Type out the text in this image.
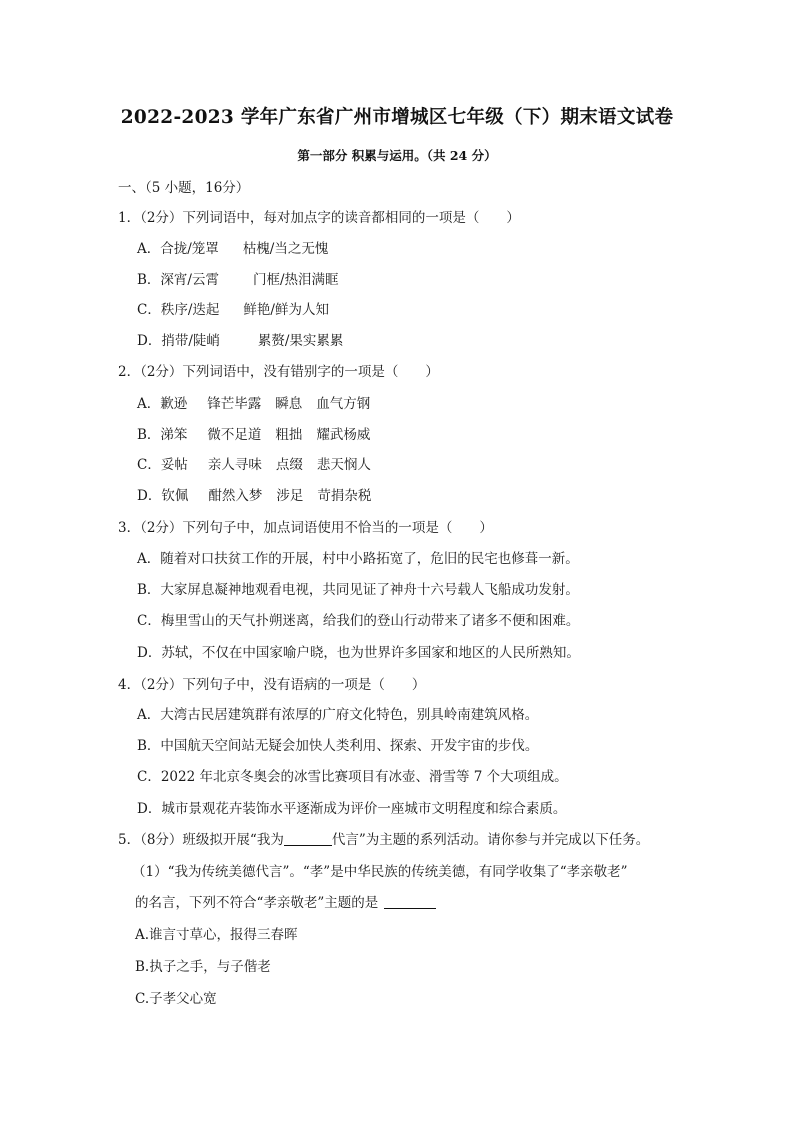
2022-2023 学年广东省广州市增城区七年级（下）期末语文试卷
第一部分 积累与运用。（共 24 分）
一、（5 小题，16分）
1．（2分）下列词语中，每对加点字的读音都相同的一项是（　　）
A．合拢/笼罩 枯槐/当之无愧
B．深宵/云霄	门框/热泪满眶
C．秩序/迭起 鲜艳/鲜为人知
D．捎带/陡峭	累赘/果实累累
2．（2分）下列词语中，没有错别字的一项是（　　）
A．歉逊 锋芒毕露 瞬息 血气方钢
B．涕笨 微不足道 粗拙 耀武杨威
C．妥帖 亲人寻味 点缀 悲天悯人
D．钦佩 酣然入梦 涉足 苛捐杂税
3．（2分）下列句子中，加点词语使用不恰当的一项是（　　）
A．随着对口扶贫工作的开展，村中小路拓宽了，危旧的民宅也修葺一新。
B．大家屏息凝神地观看电视，共同见证了神舟十六号载人飞船成功发射。
C．梅里雪山的天气扑朔迷离，给我们的登山行动带来了诸多不便和困难。
D．苏轼，不仅在中国家喻户晓，也为世界许多国家和地区的人民所熟知。
4．（2分）下列句子中，没有语病的一项是（　　）
A．大湾古民居建筑群有浓厚的广府文化特色，别具岭南建筑风格。
B．中国航天空间站无疑会加快人类利用、探索、开发宇宙的步伐。
C．2022 年北京冬奥会的冰雪比赛项目有冰壶、滑雪等 7 个大项组成。
D．城市景观花卉装饰水平逐渐成为评价一座城市文明程度和综合素质。
5．（8分）班级拟开展“我为	代言”为主题的系列活动。请你参与并完成以下任务。
（1）“我为传统美德代言”。“孝”是中华民族的传统美德，有同学收集了“孝亲敬老”
的名言，下列不符合“孝亲敬老”主题的是
A.谁言寸草心，报得三春晖
B.执子之手，与子偕老
C.子孝父心宽
